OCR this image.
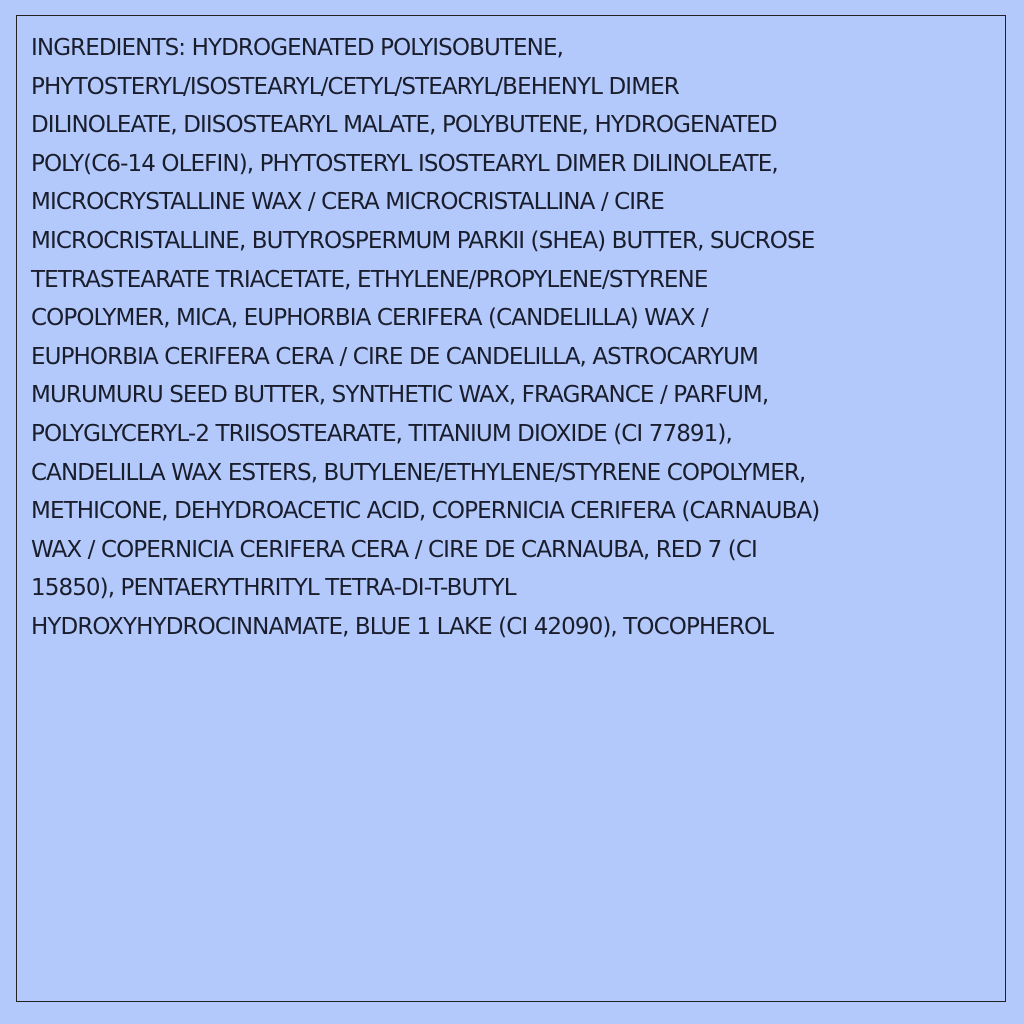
INGREDIENTS: HYDROGENATED POLYISOBUTENE,
PHYTOSTERYL/ISOSTEARYL/CETYL/STEARYL/BEHENYL DIMER
DILINOLEATE, DIISOSTEARYL MALATE, POLYBUTENE, HYDROGENATED
POLY(C6-14 OLEFIN), PHYTOSTERYL ISOSTEARYL DIMER DILINOLEATE,
MICROCRYSTALLINE WAX / CERA MICROCRISTALLINA / CIRE
MICROCRISTALLINE, BUTYROSPERMUM PARKII (SHEA) BUTTER, SUCROSE
TETRASTEARATE TRIACETATE, ETHYLENE/PROPYLENE/STYRENE
COPOLYMER, MICA, EUPHORBIA CERIFERA (CANDELILLA) WAX /
EUPHORBIA CERIFERA CERA / CIRE DE CANDELILLA, ASTROCARYUM
MURUMURU SEED BUTTER, SYNTHETIC WAX, FRAGRANCE / PARFUM,
POLYGLYCERYL-2 TRIISOSTEARATE, TITANIUM DIOXIDE (CI 77891),
CANDELILLA WAX ESTERS, BUTYLENE/ETHYLENE/STYRENE COPOLYMER,
METHICONE, DEHYDROACETIC ACID, COPERNICIA CERIFERA (CARNAUBA)
WAX / COPERNICIA CERIFERA CERA / CIRE DE CARNAUBA, RED 7 (CI
15850), PENTAERYTHRITYL TETRA-DI-T-BUTYL
HYDROXYHYDROCINNAMATE, BLUE 1 LAKE (CI 42090), TOCOPHEROL
